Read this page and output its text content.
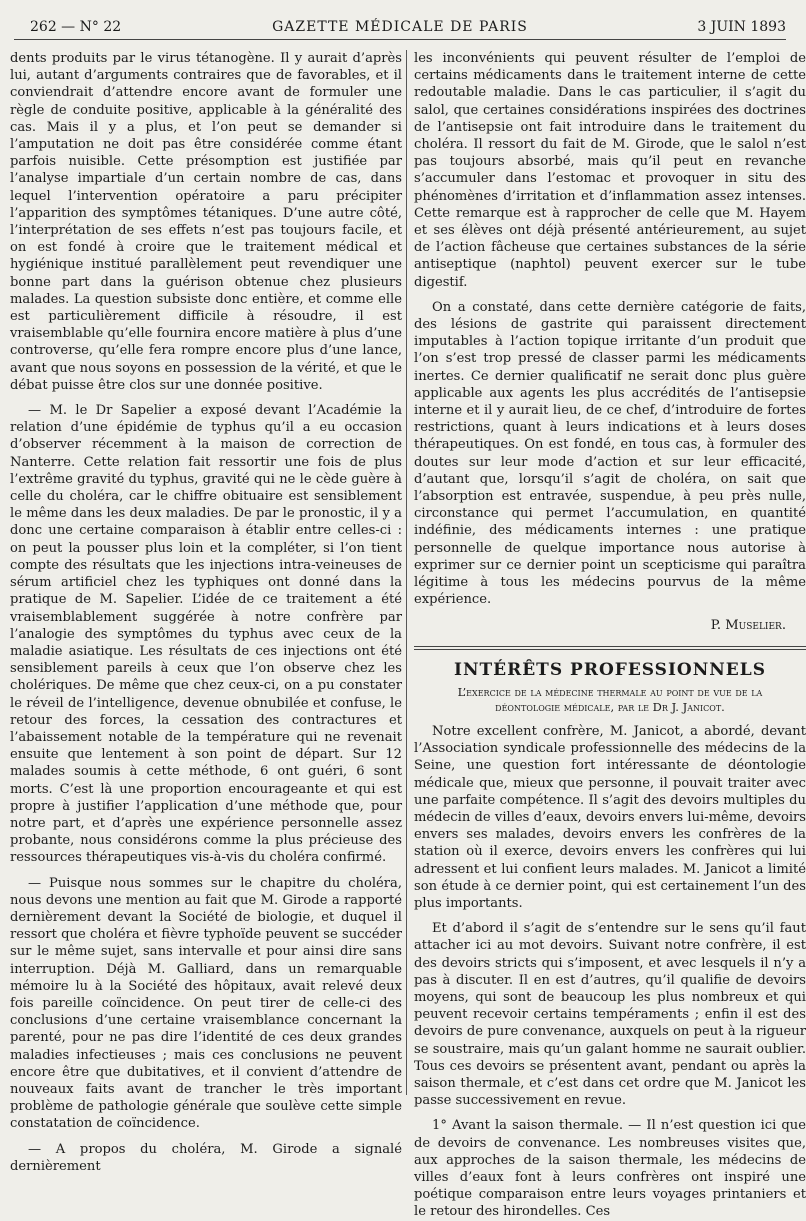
262 — N° 22	GAZETTE MÉDICALE DE PARIS	3 JUIN 1893

dents produits par le virus tétanogène. Il y aurait d’après lui, autant d’arguments contraires que de favorables, et il conviendrait d’attendre encore avant de formuler une règle de conduite positive, applicable à la généralité des cas. Mais il y a plus, et l’on peut se demander si l’amputation ne doit pas être considérée comme étant parfois nuisible. Cette présomption est justifiée par l’analyse impartiale d’un certain nombre de cas, dans lequel l’intervention opératoire a paru précipiter l’apparition des symptômes tétaniques. D’une autre côté, l’interprétation de ses effets n’est pas toujours facile, et on est fondé à croire que le traitement médical et hygiénique institué parallèlement peut revendiquer une bonne part dans la guérison obtenue chez plusieurs malades. La question subsiste donc entière, et comme elle est particulièrement difficile à résoudre, il est vraisemblable qu’elle fournira encore matière à plus d’une controverse, qu’elle fera rompre encore plus d’une lance, avant que nous soyons en possession de la vérité, et que le débat puisse être clos sur une donnée positive.

— M. le Dr Sapelier a exposé devant l’Académie la relation d’une épidémie de typhus qu’il a eu occasion d’observer récemment à la maison de correction de Nanterre. Cette relation fait ressortir une fois de plus l’extrême gravité du typhus, gravité qui ne le cède guère à celle du choléra, car le chiffre obituaire est sensiblement le même dans les deux maladies. De par le pronostic, il y a donc une certaine comparaison à établir entre celles-ci : on peut la pousser plus loin et la compléter, si l’on tient compte des résultats que les injections intra-veineuses de sérum artificiel chez les typhiques ont donné dans la pratique de M. Sapelier. L’idée de ce traitement a été vraisemblablement suggérée à notre confrère par l’analogie des symptômes du typhus avec ceux de la maladie asiatique. Les résultats de ces injections ont été sensiblement pareils à ceux que l’on observe chez les cholériques. De même que chez ceux-ci, on a pu constater le réveil de l’intelligence, devenue obnubilée et confuse, le retour des forces, la cessation des contractures et l’abaissement notable de la température qui ne revenait ensuite que lentement à son point de départ. Sur 12 malades soumis à cette méthode, 6 ont guéri, 6 sont morts. C’est là une proportion encourageante et qui est propre à justifier l’application d’une méthode que, pour notre part, et d’après une expérience personnelle assez probante, nous considérons comme la plus précieuse des ressources thérapeutiques vis-à-vis du choléra confirmé.

— Puisque nous sommes sur le chapitre du choléra, nous devons une mention au fait que M. Girode a rapporté dernièrement devant la Société de biologie, et duquel il ressort que choléra et fièvre typhoïde peuvent se succéder sur le même sujet, sans intervalle et pour ainsi dire sans interruption. Déjà M. Galliard, dans un remarquable mémoire lu à la Société des hôpitaux, avait relevé deux fois pareille coïncidence. On peut tirer de celle-ci des conclusions d’une certaine vraisemblance concernant la parenté, pour ne pas dire l’identité de ces deux grandes maladies infectieuses ; mais ces conclusions ne peuvent encore être que dubitatives, et il convient d’attendre de nouveaux faits avant de trancher le très important problème de pathologie générale que soulève cette simple constatation de coïncidence.

— A propos du choléra, M. Girode a signalé dernièrement

les inconvénients qui peuvent résulter de l’emploi de certains médicaments dans le traitement interne de cette redoutable maladie. Dans le cas particulier, il s’agit du salol, que certaines considérations inspirées des doctrines de l’antisepsie ont fait introduire dans le traitement du choléra. Il ressort du fait de M. Girode, que le salol n’est pas toujours absorbé, mais qu’il peut en revanche s’accumuler dans l’estomac et provoquer in situ des phénomènes d’irritation et d’inflammation assez intenses. Cette remarque est à rapprocher de celle que M. Hayem et ses élèves ont déjà présenté antérieurement, au sujet de l’action fâcheuse que certaines substances de la série antiseptique (naphtol) peuvent exercer sur le tube digestif.

On a constaté, dans cette dernière catégorie de faits, des lésions de gastrite qui paraissent directement imputables à l’action topique irritante d’un produit que l’on s’est trop pressé de classer parmi les médicaments inertes. Ce dernier qualificatif ne serait donc plus guère applicable aux agents les plus accrédités de l’antisepsie interne et il y aurait lieu, de ce chef, d’introduire de fortes restrictions, quant à leurs indications et à leurs doses thérapeutiques. On est fondé, en tous cas, à formuler des doutes sur leur mode d’action et sur leur efficacité, d’autant que, lorsqu’il s’agit de choléra, on sait que l’absorption est entravée, suspendue, à peu près nulle, circonstance qui permet l’accumulation, en quantité indéfinie, des médicaments internes : une pratique personnelle de quelque importance nous autorise à exprimer sur ce dernier point un scepticisme qui paraîtra légitime à tous les médecins pourvus de la même expérience.

P. Muselier.
INTÉRÊTS PROFESSIONNELS
L’exercice de la médecine thermale au point de vue de la
déontologie médicale, par le Dr J. Janicot.

Notre excellent confrère, M. Janicot, a abordé, devant l’Association syndicale professionnelle des médecins de la Seine, une question fort intéressante de déontologie médicale que, mieux que personne, il pouvait traiter avec une parfaite compétence. Il s’agit des devoirs multiples du médecin de villes d’eaux, devoirs envers lui-même, devoirs envers ses malades, devoirs envers les confrères de la station où il exerce, devoirs envers les confrères qui lui adressent et lui confient leurs malades. M. Janicot a limité son étude à ce dernier point, qui est certainement l’un des plus importants.

Et d’abord il s’agit de s’entendre sur le sens qu’il faut attacher ici au mot devoirs. Suivant notre confrère, il est des devoirs stricts qui s’imposent, et avec lesquels il n’y a pas à discuter. Il en est d’autres, qu’il qualifie de devoirs moyens, qui sont de beaucoup les plus nombreux et qui peuvent recevoir certains tempéraments ; enfin il est des devoirs de pure convenance, auxquels on peut à la rigueur se soustraire, mais qu’un galant homme ne saurait oublier. Tous ces devoirs se présentent avant, pendant ou après la saison thermale, et c’est dans cet ordre que M. Janicot les passe successivement en revue.

1° Avant la saison thermale. — Il n’est question ici que de devoirs de convenance. Les nombreuses visites que, aux approches de la saison thermale, les médecins de villes d’eaux font à leurs confrères ont inspiré une poétique comparaison entre leurs voyages printaniers et le retour des hirondelles. Ces
